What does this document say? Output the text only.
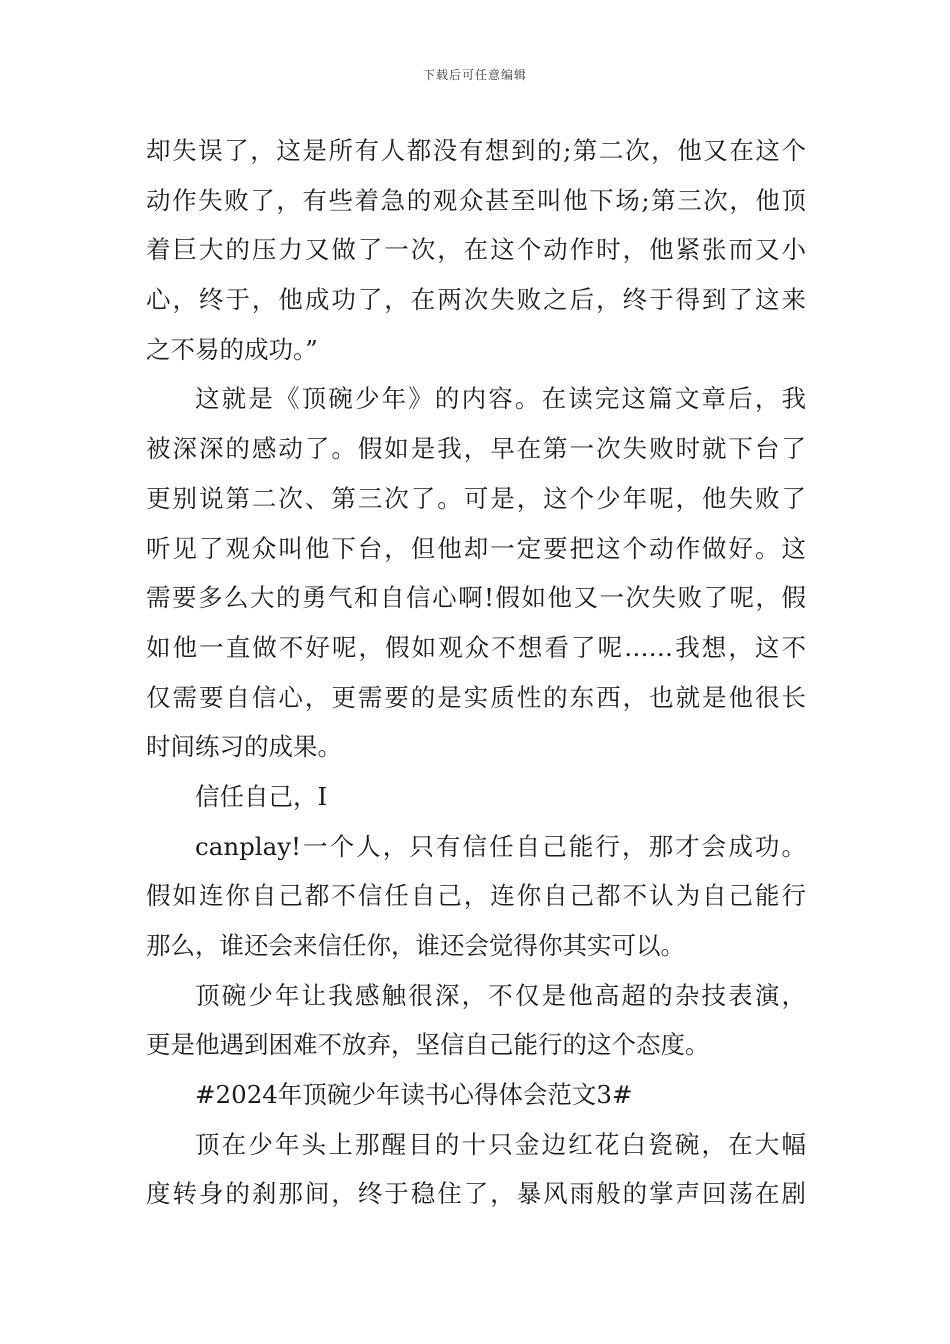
下载后可任意编辑
却失误了，这是所有人都没有想到的;第二次，他又在这个
动作失败了，有些着急的观众甚至叫他下场;第三次，他顶
着巨大的压力又做了一次，在这个动作时，他紧张而又小
心，终于，他成功了，在两次失败之后，终于得到了这来
之不易的成功。”
这就是《顶碗少年》的内容。在读完这篇文章后，我
被深深的感动了。假如是我，早在第一次失败时就下台了
更别说第二次、第三次了。可是，这个少年呢，他失败了
听见了观众叫他下台，但他却一定要把这个动作做好。这
需要多么大的勇气和自信心啊!假如他又一次失败了呢，假
如他一直做不好呢，假如观众不想看了呢……我想，这不
仅需要自信心，更需要的是实质性的东西，也就是他很长
时间练习的成果。
信任自己，I
canplay!一个人，只有信任自己能行，那才会成功。
假如连你自己都不信任自己，连你自己都不认为自己能行
那么，谁还会来信任你，谁还会觉得你其实可以。
顶碗少年让我感触很深，不仅是他高超的杂技表演，
更是他遇到困难不放弃，坚信自己能行的这个态度。
#2024年顶碗少年读书心得体会范文3#
顶在少年头上那醒目的十只金边红花白瓷碗，在大幅
度转身的刹那间，终于稳住了，暴风雨般的掌声回荡在剧
